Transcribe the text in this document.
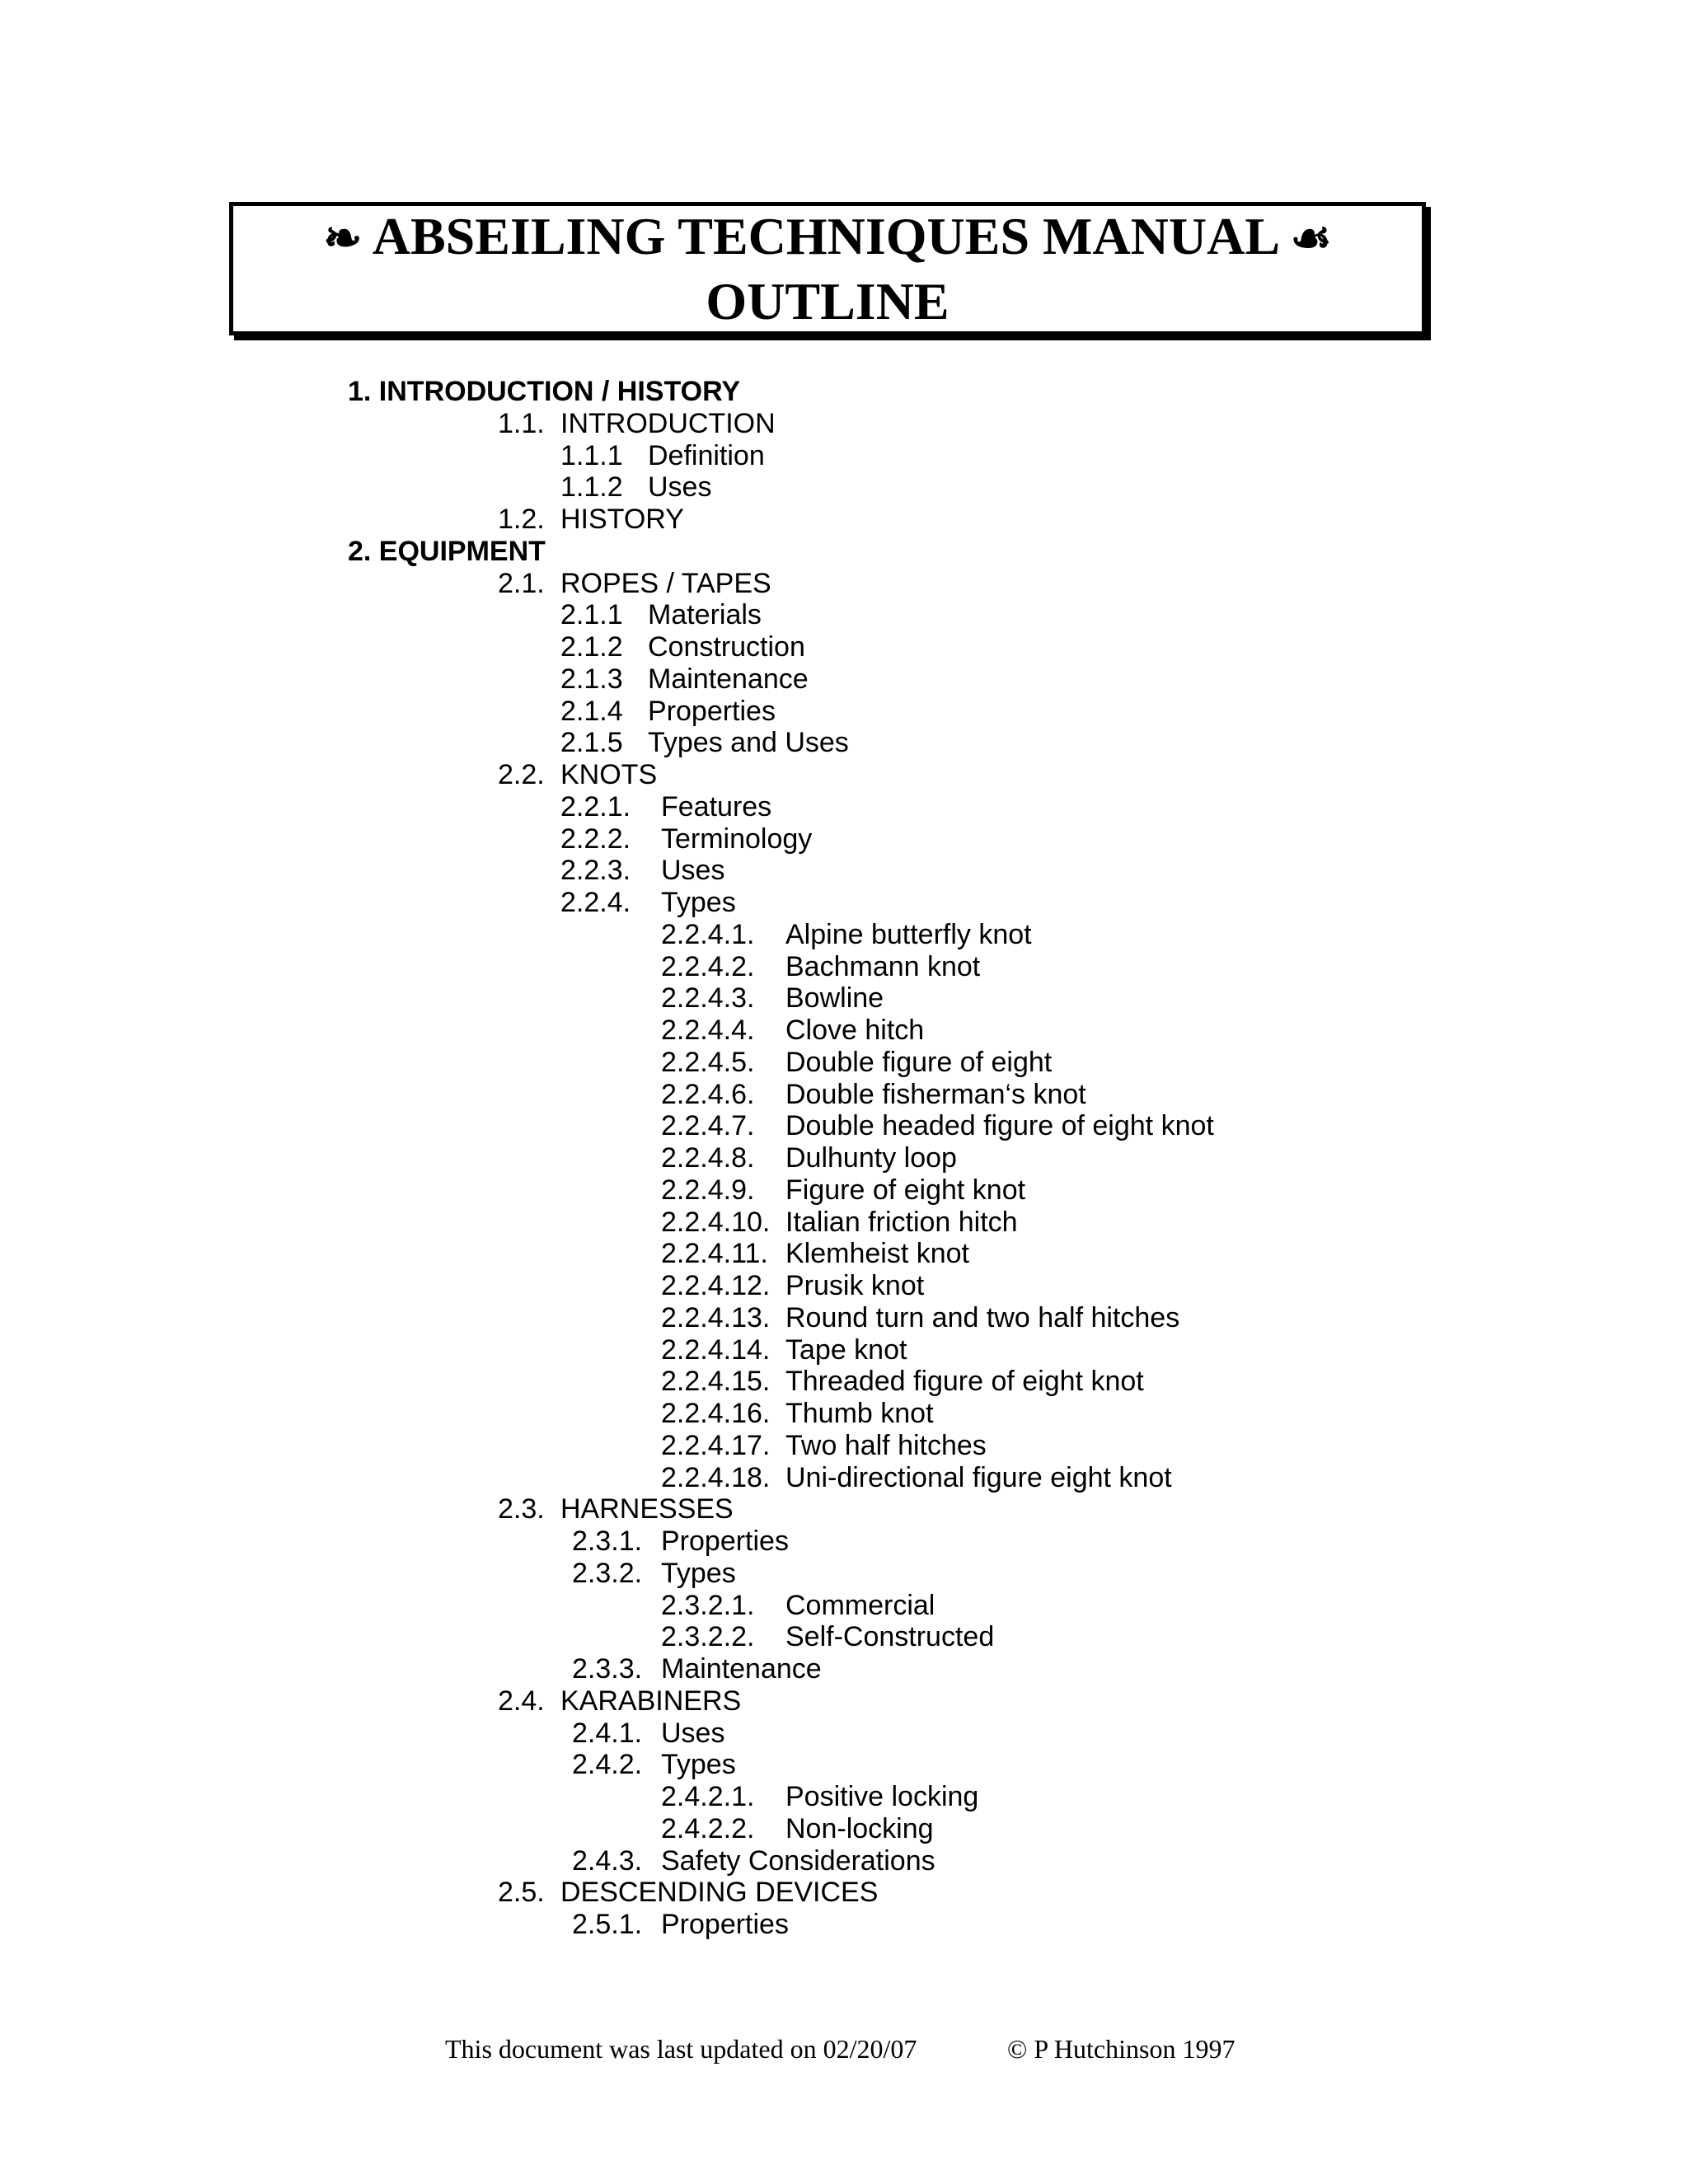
❧ ABSEILING TECHNIQUES MANUAL ☙
OUTLINE
1. INTRODUCTION / HISTORY
1.1. INTRODUCTION
1.1.1 Definition
1.1.2 Uses
1.2. HISTORY
2. EQUIPMENT
2.1. ROPES / TAPES
2.1.1 Materials
2.1.2 Construction
2.1.3 Maintenance
2.1.4 Properties
2.1.5 Types and Uses
2.2. KNOTS
2.2.1. Features
2.2.2. Terminology
2.2.3. Uses
2.2.4. Types
2.2.4.1. Alpine butterfly knot
2.2.4.2. Bachmann knot
2.2.4.3. Bowline
2.2.4.4. Clove hitch
2.2.4.5. Double figure of eight
2.2.4.6. Double fisherman‘s knot
2.2.4.7. Double headed figure of eight knot
2.2.4.8. Dulhunty loop
2.2.4.9. Figure of eight knot
2.2.4.10. Italian friction hitch
2.2.4.11. Klemheist knot
2.2.4.12. Prusik knot
2.2.4.13. Round turn and two half hitches
2.2.4.14. Tape knot
2.2.4.15. Threaded figure of eight knot
2.2.4.16. Thumb knot
2.2.4.17. Two half hitches
2.2.4.18. Uni-directional figure eight knot
2.3. HARNESSES
2.3.1. Properties
2.3.2. Types
2.3.2.1. Commercial
2.3.2.2. Self-Constructed
2.3.3. Maintenance
2.4. KARABINERS
2.4.1. Uses
2.4.2. Types
2.4.2.1. Positive locking
2.4.2.2. Non-locking
2.4.3. Safety Considerations
2.5. DESCENDING DEVICES
2.5.1. Properties
This document was last updated on 02/20/07	© P Hutchinson 1997
